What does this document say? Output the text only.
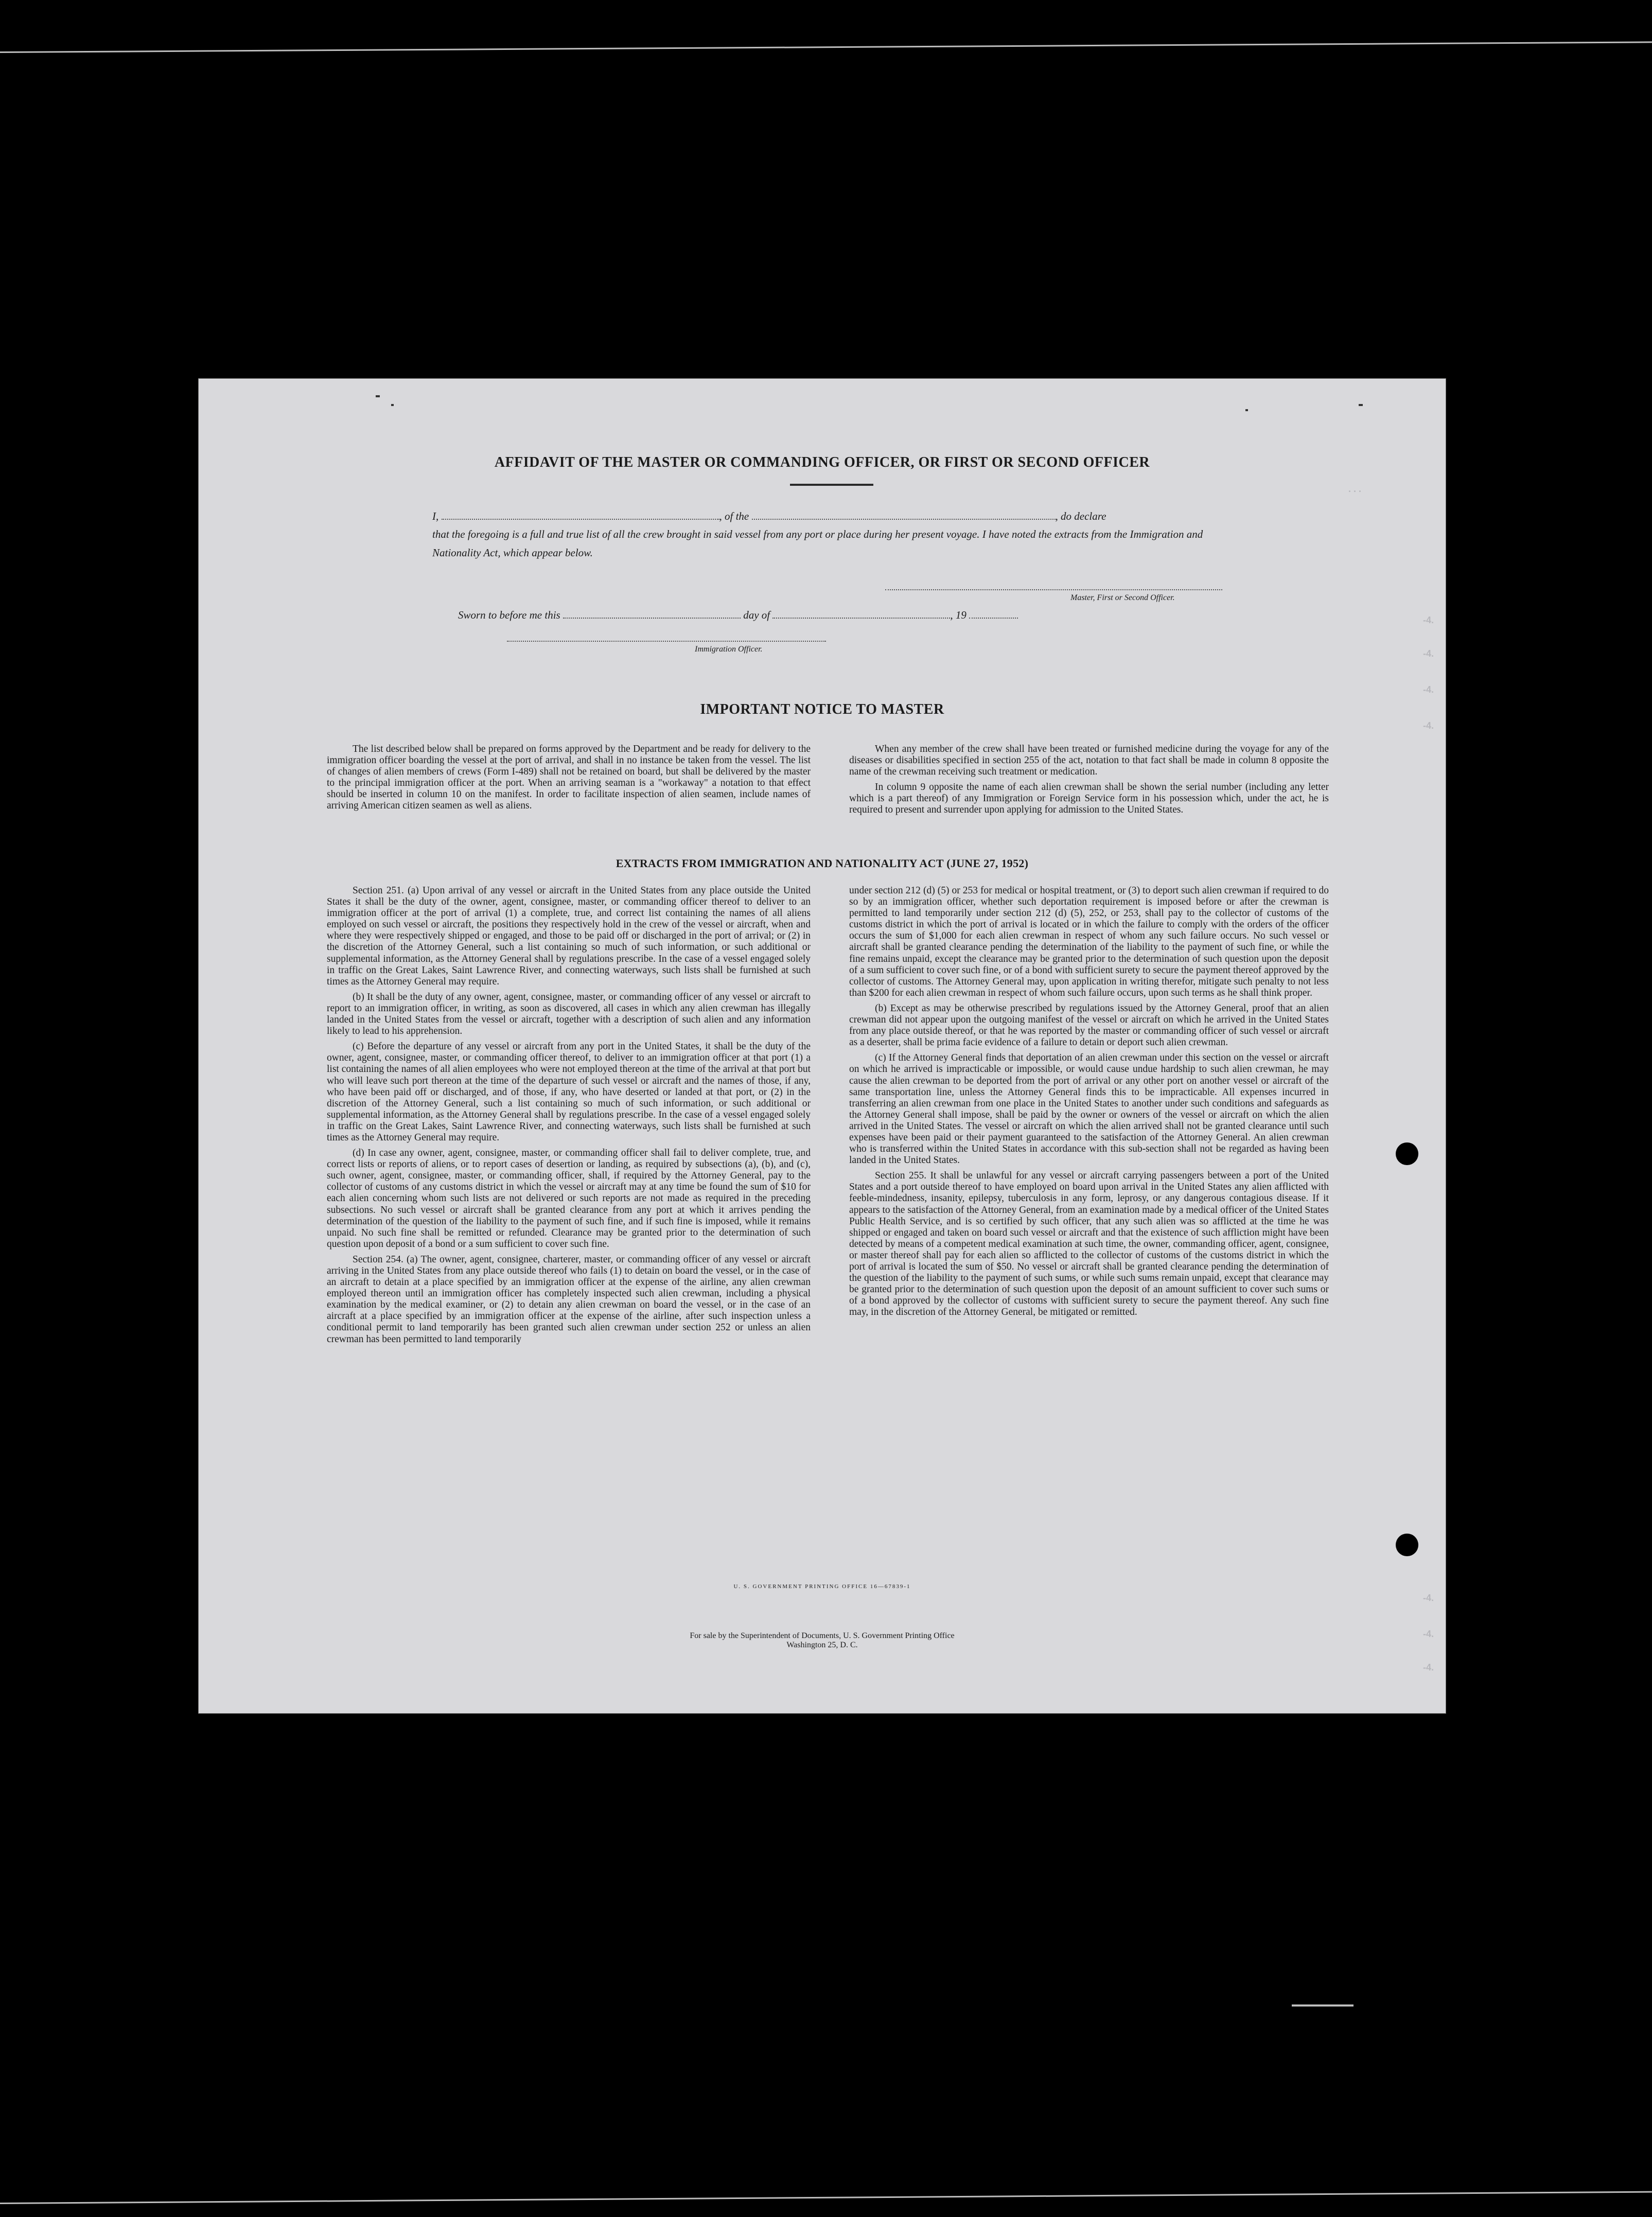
. . .
-4.
-4.
-4.
-4.
-4.
-4.
-4.
AFFIDAVIT OF THE MASTER OR COMMANDING OFFICER, OR FIRST OR SECOND OFFICER
I,	, of the	, do declare
that the foregoing is a full and true list of all the crew brought in said vessel from any port or place during her present voyage. I have noted the extracts from the Immigration and Nationality Act, which appear below.
Master, First or Second Officer.
Sworn to before me this	day of	, 19
Immigration Officer.
IMPORTANT NOTICE TO MASTER

The list described below shall be prepared on forms approved by the Department and be ready for delivery to the immigration officer boarding the vessel at the port of arrival, and shall in no instance be taken from the vessel. The list of changes of alien members of crews (Form I-489) shall not be retained on board, but shall be delivered by the master to the principal immigration officer at the port. When an arriving seaman is a "workaway" a notation to that effect should be inserted in column 10 on the manifest. In order to facilitate inspection of alien seamen, include names of arriving American citizen seamen as well as aliens.

When any member of the crew shall have been treated or furnished medicine during the voyage for any of the diseases or disabilities specified in section 255 of the act, notation to that fact shall be made in column 8 opposite the name of the crewman receiving such treatment or medication.

In column 9 opposite the name of each alien crewman shall be shown the serial number (including any letter which is a part thereof) of any Immigration or Foreign Service form in his possession which, under the act, he is required to present and surrender upon applying for admission to the United States.

EXTRACTS FROM IMMIGRATION AND NATIONALITY ACT (JUNE 27, 1952)

Section 251. (a) Upon arrival of any vessel or aircraft in the United States from any place outside the United States it shall be the duty of the owner, agent, consignee, master, or commanding officer thereof to deliver to an immigration officer at the port of arrival (1) a complete, true, and correct list containing the names of all aliens employed on such vessel or aircraft, the positions they respectively hold in the crew of the vessel or aircraft, when and where they were respectively shipped or engaged, and those to be paid off or discharged in the port of arrival; or (2) in the discretion of the Attorney General, such a list containing so much of such information, or such additional or supplemental information, as the Attorney General shall by regulations prescribe. In the case of a vessel engaged solely in traffic on the Great Lakes, Saint Lawrence River, and connecting waterways, such lists shall be furnished at such times as the Attorney General may require.

(b) It shall be the duty of any owner, agent, consignee, master, or commanding officer of any vessel or aircraft to report to an immigration officer, in writing, as soon as discovered, all cases in which any alien crewman has illegally landed in the United States from the vessel or aircraft, together with a description of such alien and any information likely to lead to his apprehension.

(c) Before the departure of any vessel or aircraft from any port in the United States, it shall be the duty of the owner, agent, consignee, master, or commanding officer thereof, to deliver to an immigration officer at that port (1) a list containing the names of all alien employees who were not employed thereon at the time of the arrival at that port but who will leave such port thereon at the time of the departure of such vessel or aircraft and the names of those, if any, who have been paid off or discharged, and of those, if any, who have deserted or landed at that port, or (2) in the discretion of the Attorney General, such a list containing so much of such information, or such additional or supplemental information, as the Attorney General shall by regulations prescribe. In the case of a vessel engaged solely in traffic on the Great Lakes, Saint Lawrence River, and connecting waterways, such lists shall be furnished at such times as the Attorney General may require.

(d) In case any owner, agent, consignee, master, or commanding officer shall fail to deliver complete, true, and correct lists or reports of aliens, or to report cases of desertion or landing, as required by subsections (a), (b), and (c), such owner, agent, consignee, master, or commanding officer, shall, if required by the Attorney General, pay to the collector of customs of any customs district in which the vessel or aircraft may at any time be found the sum of $10 for each alien concerning whom such lists are not delivered or such reports are not made as required in the preceding subsections. No such vessel or aircraft shall be granted clearance from any port at which it arrives pending the determination of the question of the liability to the payment of such fine, and if such fine is imposed, while it remains unpaid. No such fine shall be remitted or refunded. Clearance may be granted prior to the determination of such question upon deposit of a bond or a sum sufficient to cover such fine.

Section 254. (a) The owner, agent, consignee, charterer, master, or commanding officer of any vessel or aircraft arriving in the United States from any place outside thereof who fails (1) to detain on board the vessel, or in the case of an aircraft to detain at a place specified by an immigration officer at the expense of the airline, any alien crewman employed thereon until an immigration officer has completely inspected such alien crewman, including a physical examination by the medical examiner, or (2) to detain any alien crewman on board the vessel, or in the case of an aircraft at a place specified by an immigration officer at the expense of the airline, after such inspection unless a conditional permit to land temporarily has been granted such alien crewman under section 252 or unless an alien crewman has been permitted to land temporarily

under section 212 (d) (5) or 253 for medical or hospital treatment, or (3) to deport such alien crewman if required to do so by an immigration officer, whether such deportation requirement is imposed before or after the crewman is permitted to land temporarily under section 212 (d) (5), 252, or 253, shall pay to the collector of customs of the customs district in which the port of arrival is located or in which the failure to comply with the orders of the officer occurs the sum of $1,000 for each alien crewman in respect of whom any such failure occurs. No such vessel or aircraft shall be granted clearance pending the determination of the liability to the payment of such fine, or while the fine remains unpaid, except the clearance may be granted prior to the determination of such question upon the deposit of a sum sufficient to cover such fine, or of a bond with sufficient surety to secure the payment thereof approved by the collector of customs. The Attorney General may, upon application in writing therefor, mitigate such penalty to not less than $200 for each alien crewman in respect of whom such failure occurs, upon such terms as he shall think proper.

(b) Except as may be otherwise prescribed by regulations issued by the Attorney General, proof that an alien crewman did not appear upon the outgoing manifest of the vessel or aircraft on which he arrived in the United States from any place outside thereof, or that he was reported by the master or commanding officer of such vessel or aircraft as a deserter, shall be prima facie evidence of a failure to detain or deport such alien crewman.

(c) If the Attorney General finds that deportation of an alien crewman under this section on the vessel or aircraft on which he arrived is impracticable or impossible, or would cause undue hardship to such alien crewman, he may cause the alien crewman to be deported from the port of arrival or any other port on another vessel or aircraft of the same transportation line, unless the Attorney General finds this to be impracticable. All expenses incurred in transferring an alien crewman from one place in the United States to another under such conditions and safeguards as the Attorney General shall impose, shall be paid by the owner or owners of the vessel or aircraft on which the alien arrived in the United States. The vessel or aircraft on which the alien arrived shall not be granted clearance until such expenses have been paid or their payment guaranteed to the satisfaction of the Attorney General. An alien crewman who is transferred within the United States in accordance with this sub-section shall not be regarded as having been landed in the United States.

Section 255. It shall be unlawful for any vessel or aircraft carrying passengers between a port of the United States and a port outside thereof to have employed on board upon arrival in the United States any alien afflicted with feeble-mindedness, insanity, epilepsy, tuberculosis in any form, leprosy, or any dangerous contagious disease. If it appears to the satisfaction of the Attorney General, from an examination made by a medical officer of the United States Public Health Service, and is so certified by such officer, that any such alien was so afflicted at the time he was shipped or engaged and taken on board such vessel or aircraft and that the existence of such affliction might have been detected by means of a competent medical examination at such time, the owner, commanding officer, agent, consignee, or master thereof shall pay for each alien so afflicted to the collector of customs of the customs district in which the port of arrival is located the sum of $50. No vessel or aircraft shall be granted clearance pending the determination of the question of the liability to the payment of such sums, or while such sums remain unpaid, except that clearance may be granted prior to the determination of such question upon the deposit of an amount sufficient to cover such sums or of a bond approved by the collector of customs with sufficient surety to secure the payment thereof. Any such fine may, in the discretion of the Attorney General, be mitigated or remitted.

U. S. GOVERNMENT PRINTING OFFICE 16—67839-1
For sale by the Superintendent of Documents, U. S. Government Printing Office
Washington 25, D. C.
